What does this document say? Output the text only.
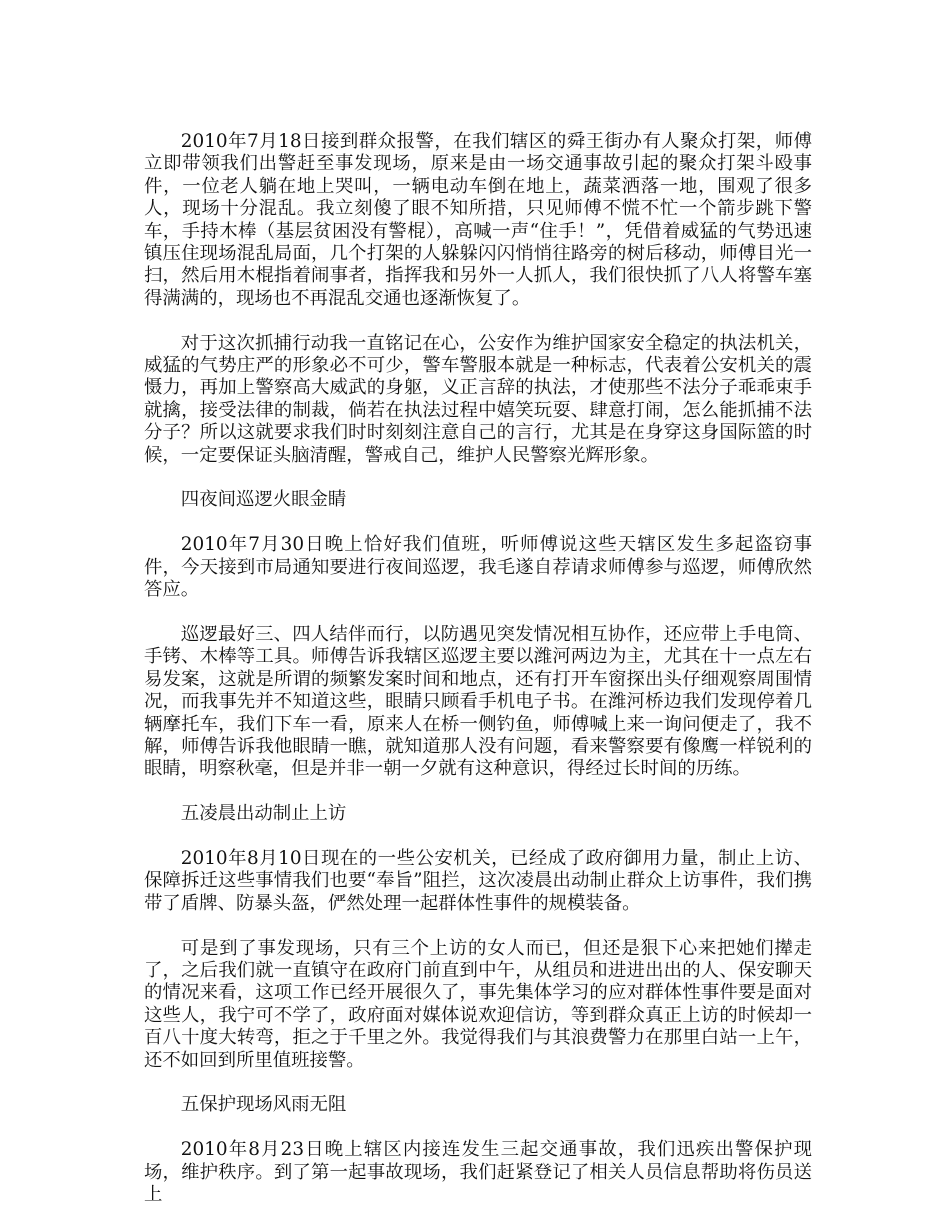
2010年7月18日接到群众报警，在我们辖区的舜王街办有人聚众打架，师傅立即带领我们出警赶至事发现场，原来是由一场交通事故引起的聚众打架斗殴事件，一位老人躺在地上哭叫，一辆电动车倒在地上，蔬菜洒落一地，围观了很多人，现场十分混乱。我立刻傻了眼不知所措，只见师傅不慌不忙一个箭步跳下警车，手持木棒（基层贫困没有警棍），高喊一声“住手！”，凭借着威猛的气势迅速镇压住现场混乱局面，几个打架的人躲躲闪闪悄悄往路旁的树后移动，师傅目光一扫，然后用木棍指着闹事者，指挥我和另外一人抓人，我们很快抓了八人将警车塞得满满的，现场也不再混乱交通也逐渐恢复了。

对于这次抓捕行动我一直铭记在心，公安作为维护国家安全稳定的执法机关，威猛的气势庄严的形象必不可少，警车警服本就是一种标志，代表着公安机关的震慑力，再加上警察高大威武的身躯，义正言辞的执法，才使那些不法分子乖乖束手就擒，接受法律的制裁，倘若在执法过程中嬉笑玩耍、肆意打闹，怎么能抓捕不法分子？所以这就要求我们时时刻刻注意自己的言行，尤其是在身穿这身国际篮的时候，一定要保证头脑清醒，警戒自己，维护人民警察光辉形象。

四夜间巡逻火眼金睛

2010年7月30日晚上恰好我们值班，听师傅说这些天辖区发生多起盗窃事件，今天接到市局通知要进行夜间巡逻，我毛遂自荐请求师傅参与巡逻，师傅欣然答应。

巡逻最好三、四人结伴而行，以防遇见突发情况相互协作，还应带上手电筒、手铐、木棒等工具。师傅告诉我辖区巡逻主要以潍河两边为主，尤其在十一点左右易发案，这就是所谓的频繁发案时间和地点，还有打开车窗探出头仔细观察周围情况，而我事先并不知道这些，眼睛只顾看手机电子书。在潍河桥边我们发现停着几辆摩托车，我们下车一看，原来人在桥一侧钓鱼，师傅喊上来一询问便走了，我不解，师傅告诉我他眼睛一瞧，就知道那人没有问题，看来警察要有像鹰一样锐利的眼睛，明察秋毫，但是并非一朝一夕就有这种意识，得经过长时间的历练。

五凌晨出动制止上访

2010年8月10日现在的一些公安机关，已经成了政府御用力量，制止上访、保障拆迁这些事情我们也要“奉旨”阻拦，这次凌晨出动制止群众上访事件，我们携带了盾牌、防暴头盔，俨然处理一起群体性事件的规模装备。

可是到了事发现场，只有三个上访的女人而已，但还是狠下心来把她们撵走了，之后我们就一直镇守在政府门前直到中午，从组员和进进出出的人、保安聊天的情况来看，这项工作已经开展很久了，事先集体学习的应对群体性事件要是面对这些人，我宁可不学了，政府面对媒体说欢迎信访，等到群众真正上访的时候却一百八十度大转弯，拒之于千里之外。我觉得我们与其浪费警力在那里白站一上午，还不如回到所里值班接警。

五保护现场风雨无阻

2010年8月23日晚上辖区内接连发生三起交通事故，我们迅疾出警保护现场，维护秩序。到了第一起事故现场，我们赶紧登记了相关人员信息帮助将伤员送上
